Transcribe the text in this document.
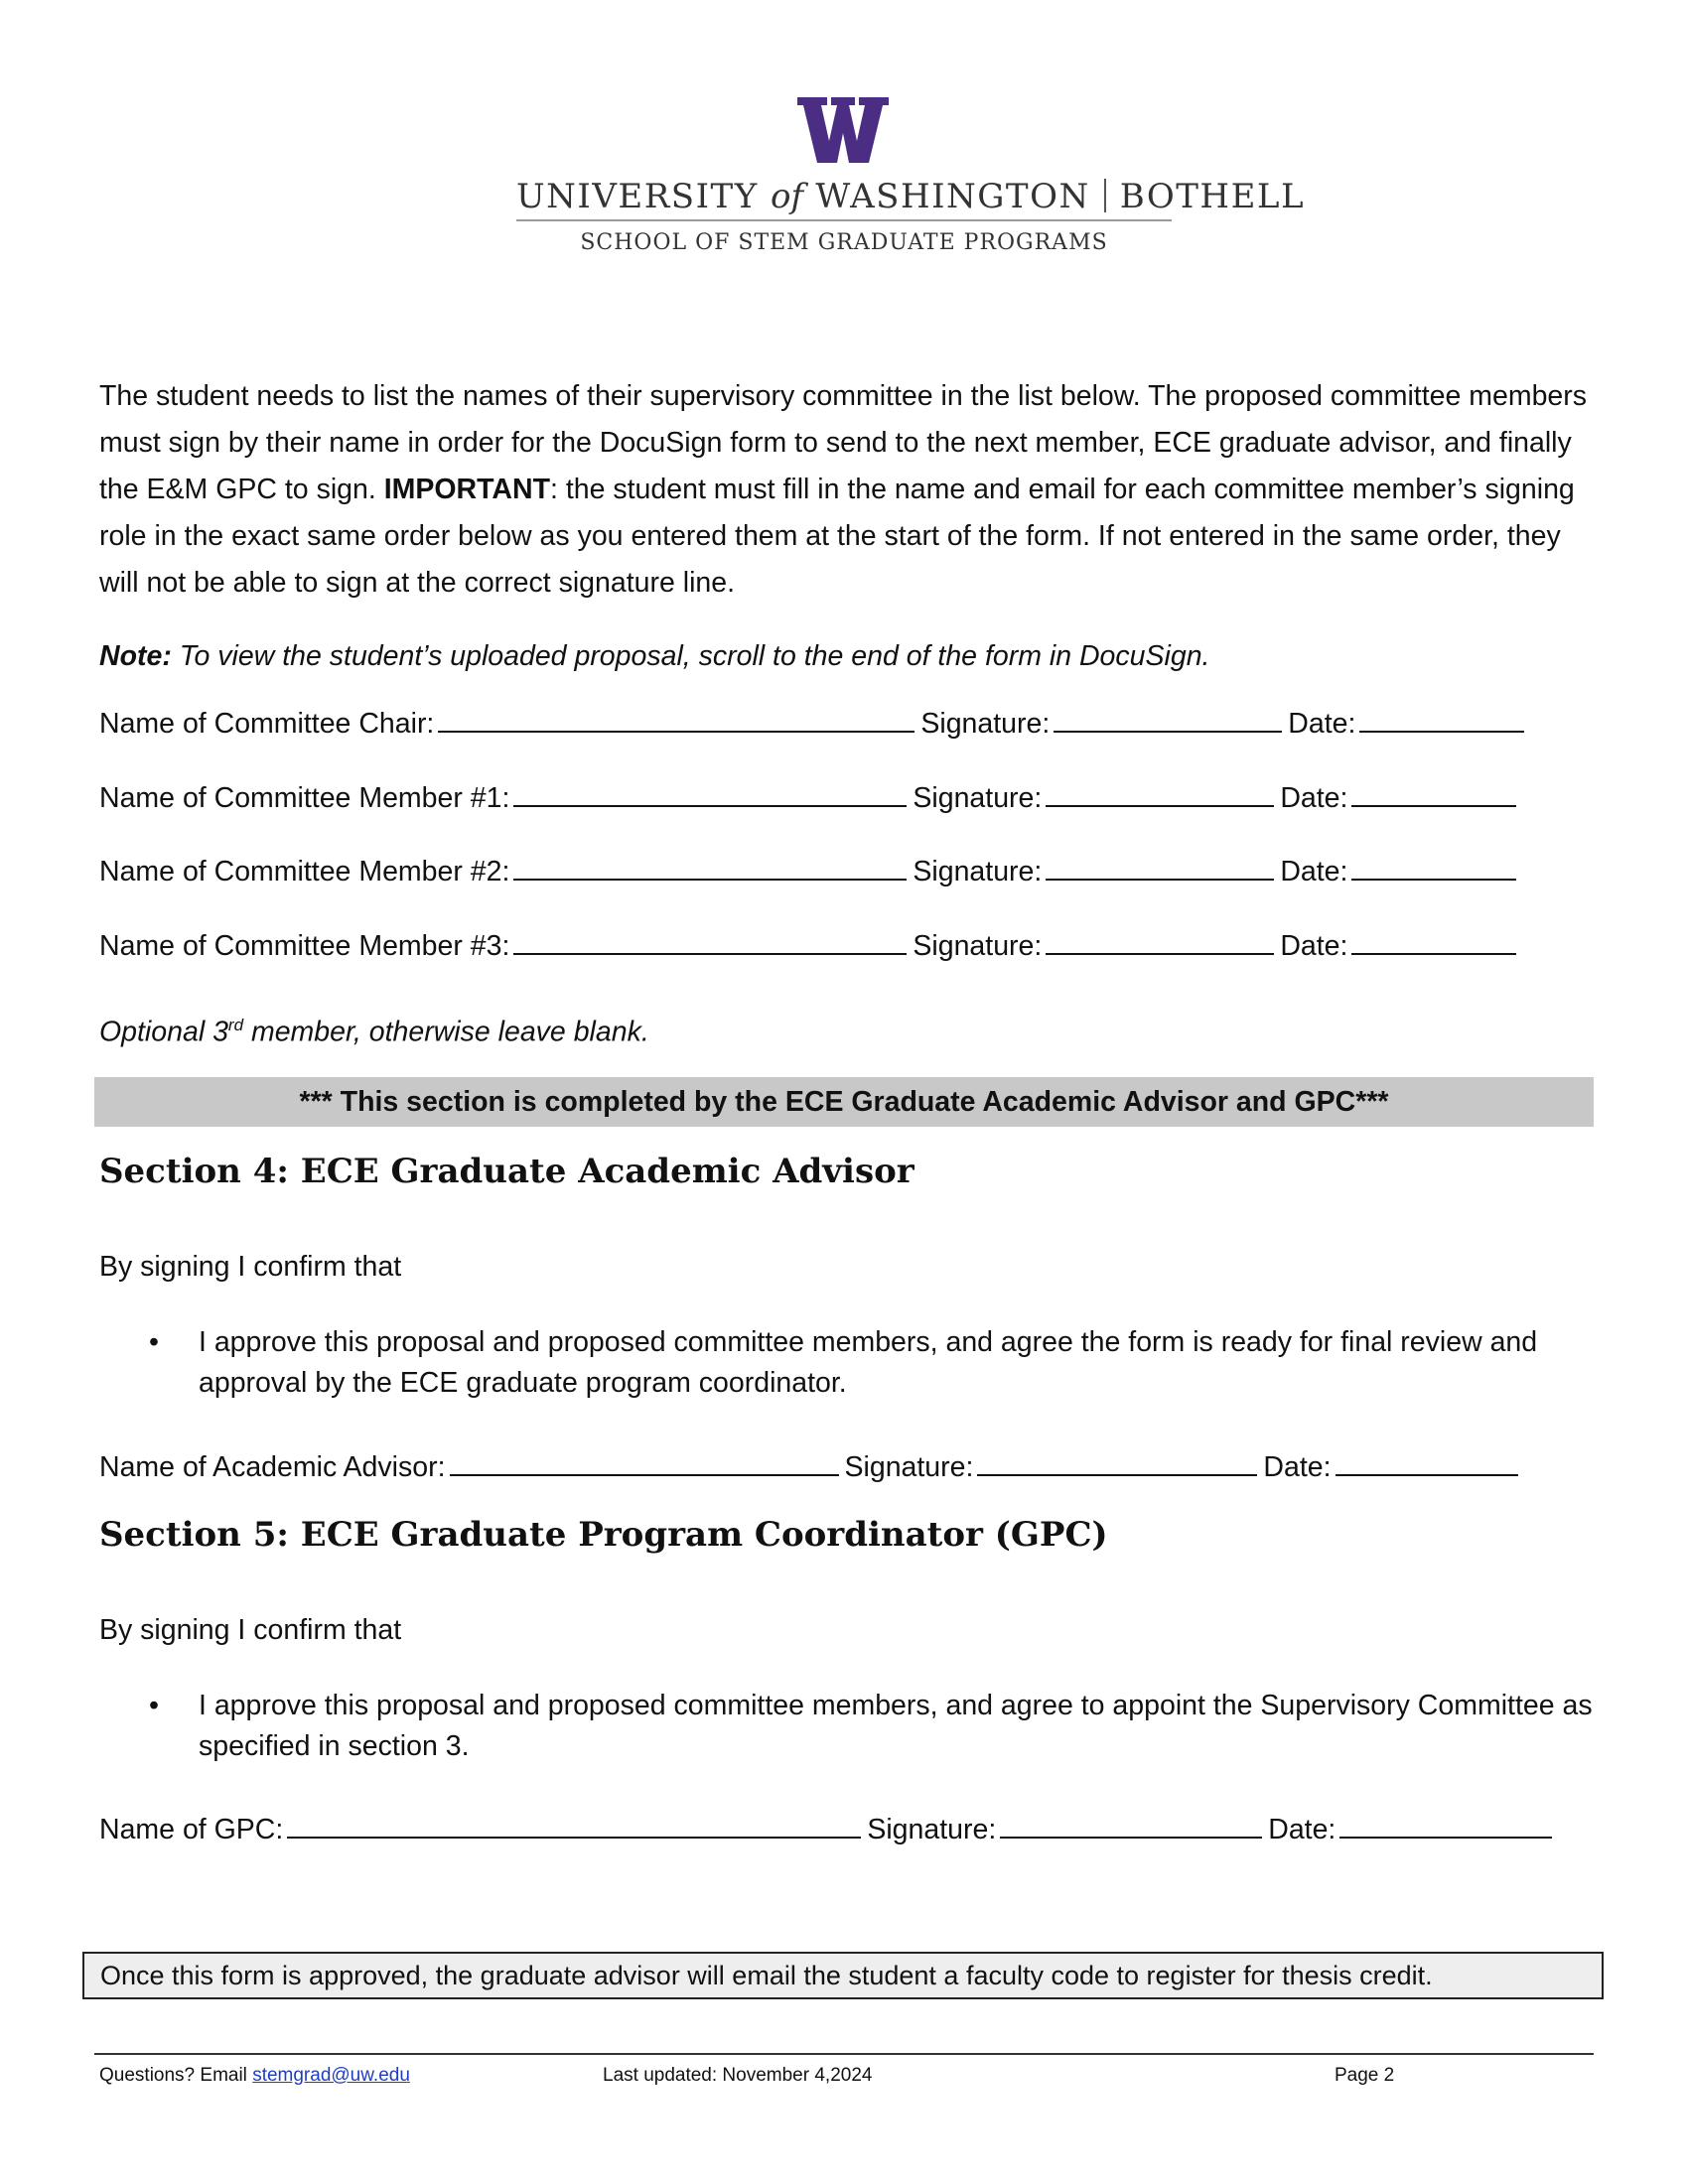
UNIVERSITY of WASHINGTON BOTHELL
SCHOOL OF STEM GRADUATE PROGRAMS
The student needs to list the names of their supervisory committee in the list below. The proposed committee members must sign by their name in order for the DocuSign form to send to the next member, ECE graduate advisor, and finally the E&M GPC to sign. IMPORTANT: the student must fill in the name and email for each committee member’s signing role in the exact same order below as you entered them at the start of the form. If not entered in the same order, they will not be able to sign at the correct signature line.
Note: To view the student’s uploaded proposal, scroll to the end of the form in DocuSign.
Name of Committee Chair:	Signature:	Date:
Name of Committee Member #1:	Signature:	Date:
Name of Committee Member #2:	Signature:	Date:
Name of Committee Member #3:	Signature:	Date:
Optional 3rd member, otherwise leave blank.
*** This section is completed by the ECE Graduate Academic Advisor and GPC***
Section 4: ECE Graduate Academic Advisor
By signing I confirm that
• I approve this proposal and proposed committee members, and agree the form is ready for final review and approval by the ECE graduate program coordinator.
Name of Academic Advisor:	Signature:	Date:
Section 5: ECE Graduate Program Coordinator (GPC)
By signing I confirm that
• I approve this proposal and proposed committee members, and agree to appoint the Supervisory Committee as specified in section 3.
Name of GPC:	Signature:	Date:
Once this form is approved, the graduate advisor will email the student a faculty code to register for thesis credit.
Questions? Email stemgrad@uw.edu	Last updated: November 4,2024	Page 2
